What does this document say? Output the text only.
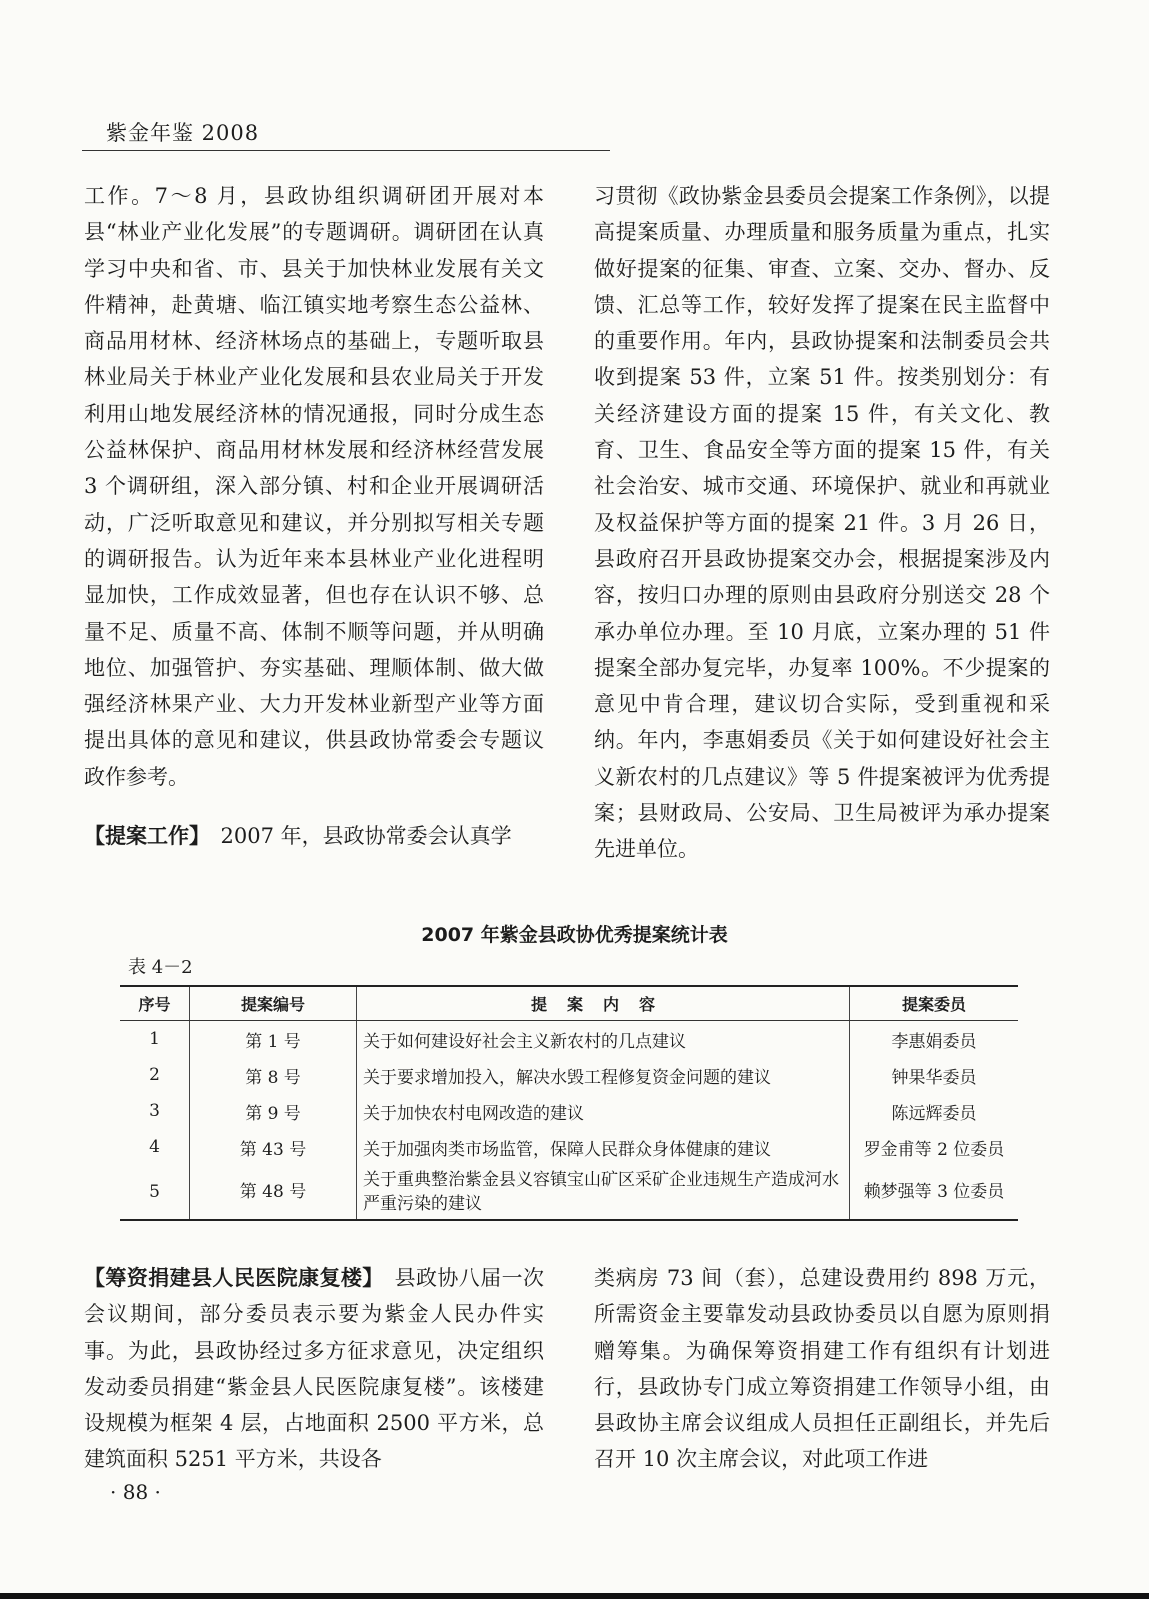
紫金年鉴 2008

工作。7～8 月，县政协组织调研团开展对本县“林业产业化发展”的专题调研。调研团在认真学习中央和省、市、县关于加快林业发展有关文件精神，赴黄塘、临江镇实地考察生态公益林、商品用材林、经济林场点的基础上，专题听取县林业局关于林业产业化发展和县农业局关于开发利用山地发展经济林的情况通报，同时分成生态公益林保护、商品用材林发展和经济林经营发展 3 个调研组，深入部分镇、村和企业开展调研活动，广泛听取意见和建议，并分别拟写相关专题的调研报告。认为近年来本县林业产业化进程明显加快，工作成效显著，但也存在认识不够、总量不足、质量不高、体制不顺等问题，并从明确地位、加强管护、夯实基础、理顺体制、做大做强经济林果产业、大力开发林业新型产业等方面提出具体的意见和建议，供县政协常委会专题议政作参考。

【提案工作】　 2007 年，县政协常委会认真学

习贯彻《政协紫金县委员会提案工作条例》，以提高提案质量、办理质量和服务质量为重点，扎实做好提案的征集、审查、立案、交办、督办、反馈、汇总等工作，较好发挥了提案在民主监督中的重要作用。年内，县政协提案和法制委员会共收到提案 53 件，立案 51 件。按类别划分：有关经济建设方面的提案 15 件，有关文化、教育、卫生、食品安全等方面的提案 15 件，有关社会治安、城市交通、环境保护、就业和再就业及权益保护等方面的提案 21 件。3 月 26 日，县政府召开县政协提案交办会，根据提案涉及内容，按归口办理的原则由县政府分别送交 28 个承办单位办理。至 10 月底，立案办理的 51 件提案全部办复完毕，办复率 100%。不少提案的意见中肯合理，建议切合实际，受到重视和采纳。年内，李惠娟委员《关于如何建设好社会主义新农村的几点建议》等 5 件提案被评为优秀提案；县财政局、公安局、卫生局被评为承办提案先进单位。

2007 年紫金县政协优秀提案统计表
表 4－2
序号	提案编号	提案内容	提案委员
1	第 1 号	关于如何建设好社会主义新农村的几点建议	李惠娟委员
2	第 8 号	关于要求增加投入，解决水毁工程修复资金问题的建议	钟果华委员
3	第 9 号	关于加快农村电网改造的建议	陈远辉委员
4	第 43 号	关于加强肉类市场监管，保障人民群众身体健康的建议	罗金甫等 2 位委员
5	第 48 号	关于重典整治紫金县义容镇宝山矿区采矿企业违规生产造成河水严重污染的建议	赖梦强等 3 位委员

【筹资捐建县人民医院康复楼】　 县政协八届一次会议期间，部分委员表示要为紫金人民办件实事。为此，县政协经过多方征求意见，决定组织发动委员捐建“紫金县人民医院康复楼”。该楼建设规模为框架 4 层，占地面积 2500 平方米，总建筑面积 5251 平方米，共设各

类病房 73 间（套），总建设费用约 898 万元，所需资金主要靠发动县政协委员以自愿为原则捐赠筹集。为确保筹资捐建工作有组织有计划进行，县政协专门成立筹资捐建工作领导小组，由县政协主席会议组成人员担任正副组长，并先后召开 10 次主席会议，对此项工作进

· 88 ·
